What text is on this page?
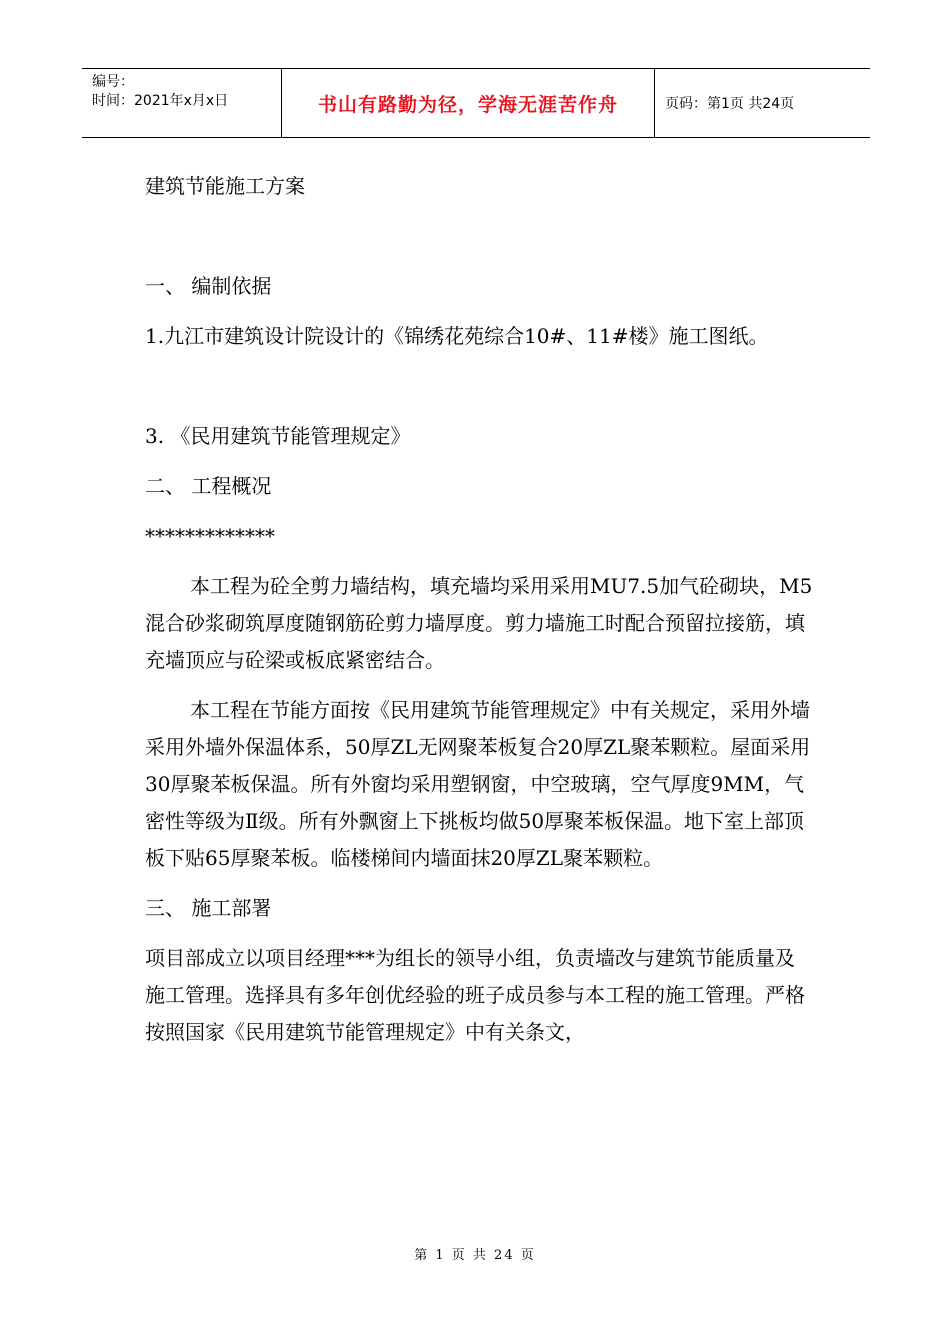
编号：
时间：2021年x月x日	书山有路勤为径，学海无涯苦作舟	页码：第1页 共24页

建筑节能施工方案

一、 编制依据

1.九江市建筑设计院设计的《锦绣花苑综合10#、11#楼》施工图纸。

3. 《民用建筑节能管理规定》

二、 工程概况

*************

本工程为砼全剪力墙结构，填充墙均采用采用MU7.5加气砼砌块，M5混合砂浆砌筑厚度随钢筋砼剪力墙厚度。剪力墙施工时配合预留拉接筋，填充墙顶应与砼梁或板底紧密结合。

本工程在节能方面按《民用建筑节能管理规定》中有关规定，采用外墙采用外墙外保温体系，50厚ZL无网聚苯板复合20厚ZL聚苯颗粒。屋面采用30厚聚苯板保温。所有外窗均采用塑钢窗，中空玻璃，空气厚度9MM，气密性等级为Ⅱ级。所有外飘窗上下挑板均做50厚聚苯板保温。地下室上部顶板下贴65厚聚苯板。临楼梯间内墙面抹20厚ZL聚苯颗粒。

三、 施工部署

项目部成立以项目经理***为组长的领导小组，负责墙改与建筑节能质量及施工管理。选择具有多年创优经验的班子成员参与本工程的施工管理。严格按照国家《民用建筑节能管理规定》中有关条文，

第 1 页 共 24 页
